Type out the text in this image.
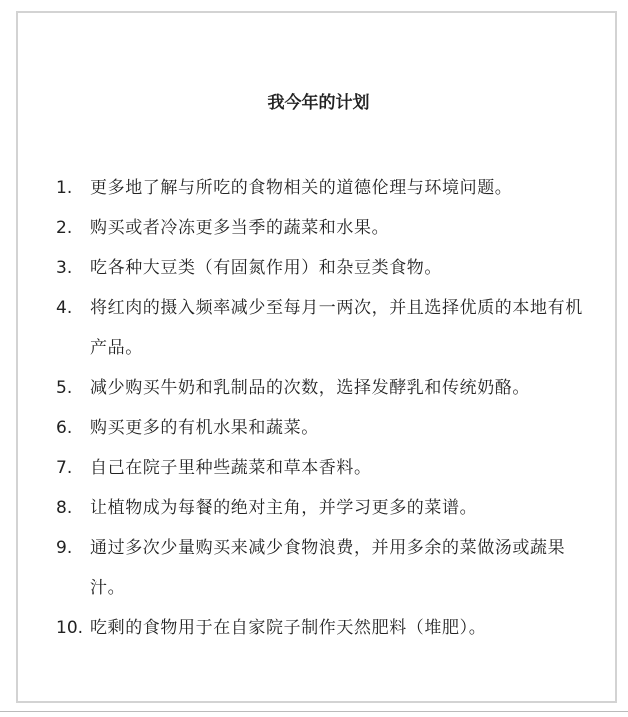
我今年的计划
1.	更多地了解与所吃的食物相关的道德伦理与环境问题。
2.	购买或者冷冻更多当季的蔬菜和水果。
3.	吃各种大豆类（有固氮作用）和杂豆类食物。
4.	将红肉的摄入频率减少至每月一两次，并且选择优质的本地有机产品。
5.	减少购买牛奶和乳制品的次数，选择发酵乳和传统奶酪。
6.	购买更多的有机水果和蔬菜。
7.	自己在院子里种些蔬菜和草本香料。
8.	让植物成为每餐的绝对主角，并学习更多的菜谱。
9.	通过多次少量购买来减少食物浪费，并用多余的菜做汤或蔬果汁。
10. 吃剩的食物用于在自家院子制作天然肥料（堆肥）。
